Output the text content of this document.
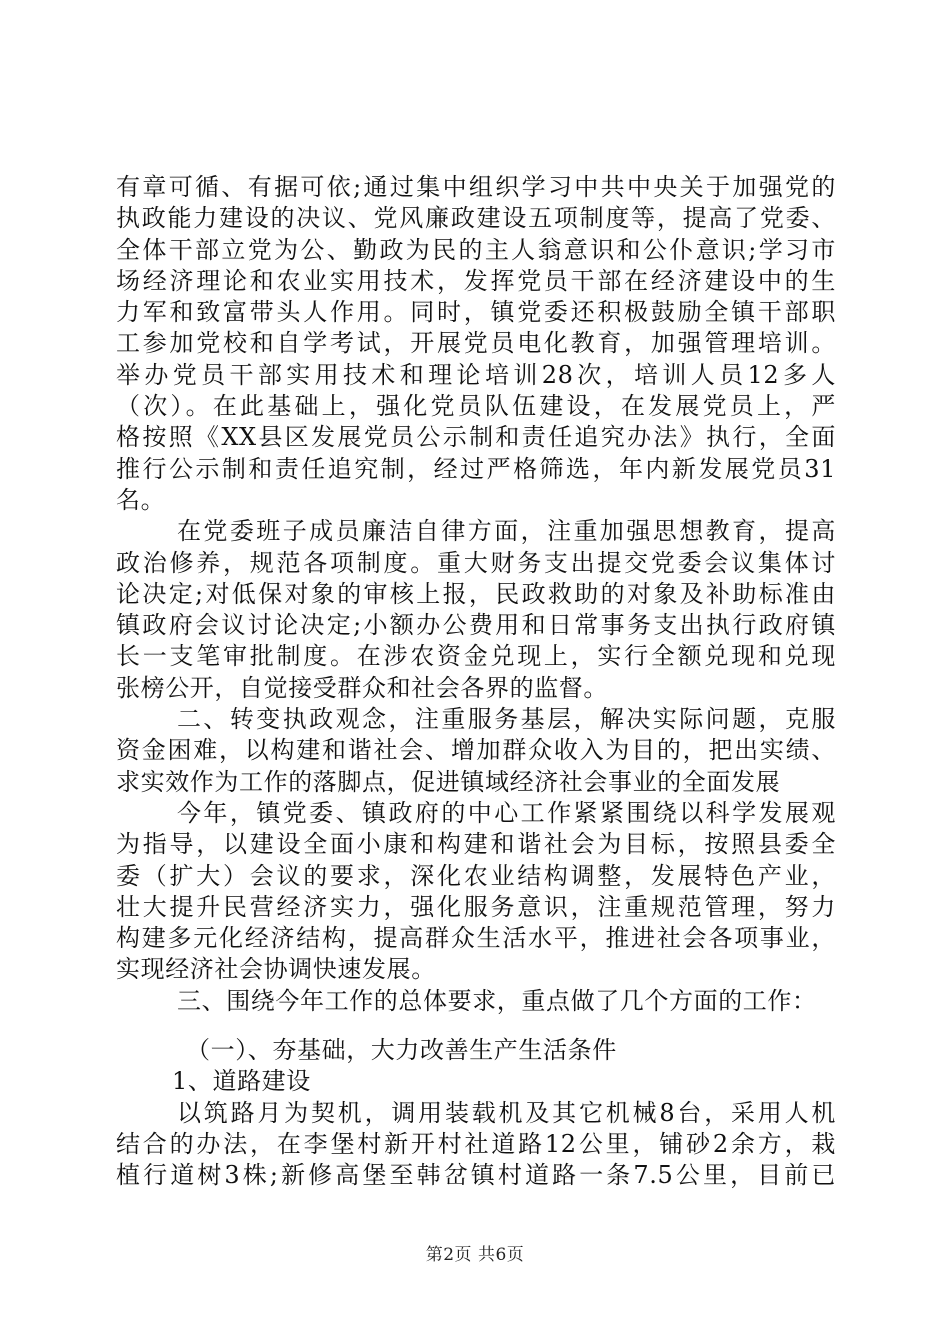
有章可循、有据可依;通过集中组织学习中共中央关于加强党的
执政能力建设的决议、党风廉政建设五项制度等，提高了党委、
全体干部立党为公、勤政为民的主人翁意识和公仆意识;学习市
场经济理论和农业实用技术，发挥党员干部在经济建设中的生
力军和致富带头人作用。同时，镇党委还积极鼓励全镇干部职
工参加党校和自学考试，开展党员电化教育，加强管理培训。
举办党员干部实用技术和理论培训28次，培训人员12多人
（次）。在此基础上，强化党员队伍建设，在发展党员上，严
格按照《XX县区发展党员公示制和责任追究办法》执行，全面
推行公示制和责任追究制，经过严格筛选，年内新发展党员31
名。
在党委班子成员廉洁自律方面，注重加强思想教育，提高
政治修养，规范各项制度。重大财务支出提交党委会议集体讨
论决定;对低保对象的审核上报，民政救助的对象及补助标准由
镇政府会议讨论决定;小额办公费用和日常事务支出执行政府镇
长一支笔审批制度。在涉农资金兑现上，实行全额兑现和兑现
张榜公开，自觉接受群众和社会各界的监督。
二、转变执政观念，注重服务基层，解决实际问题，克服
资金困难，以构建和谐社会、增加群众收入为目的，把出实绩、
求实效作为工作的落脚点，促进镇域经济社会事业的全面发展
今年，镇党委、镇政府的中心工作紧紧围绕以科学发展观
为指导，以建设全面小康和构建和谐社会为目标，按照县委全
委（扩大）会议的要求，深化农业结构调整，发展特色产业，
壮大提升民营经济实力，强化服务意识，注重规范管理，努力
构建多元化经济结构，提高群众生活水平，推进社会各项事业，
实现经济社会协调快速发展。
三、围绕今年工作的总体要求，重点做了几个方面的工作：
（一）、夯基础，大力改善生产生活条件
1、道路建设
以筑路月为契机，调用装载机及其它机械8台，采用人机
结合的办法，在李堡村新开村社道路12公里，铺砂2余方，栽
植行道树3株;新修高堡至韩岔镇村道路一条7.5公里，目前已
第2页 共6页
